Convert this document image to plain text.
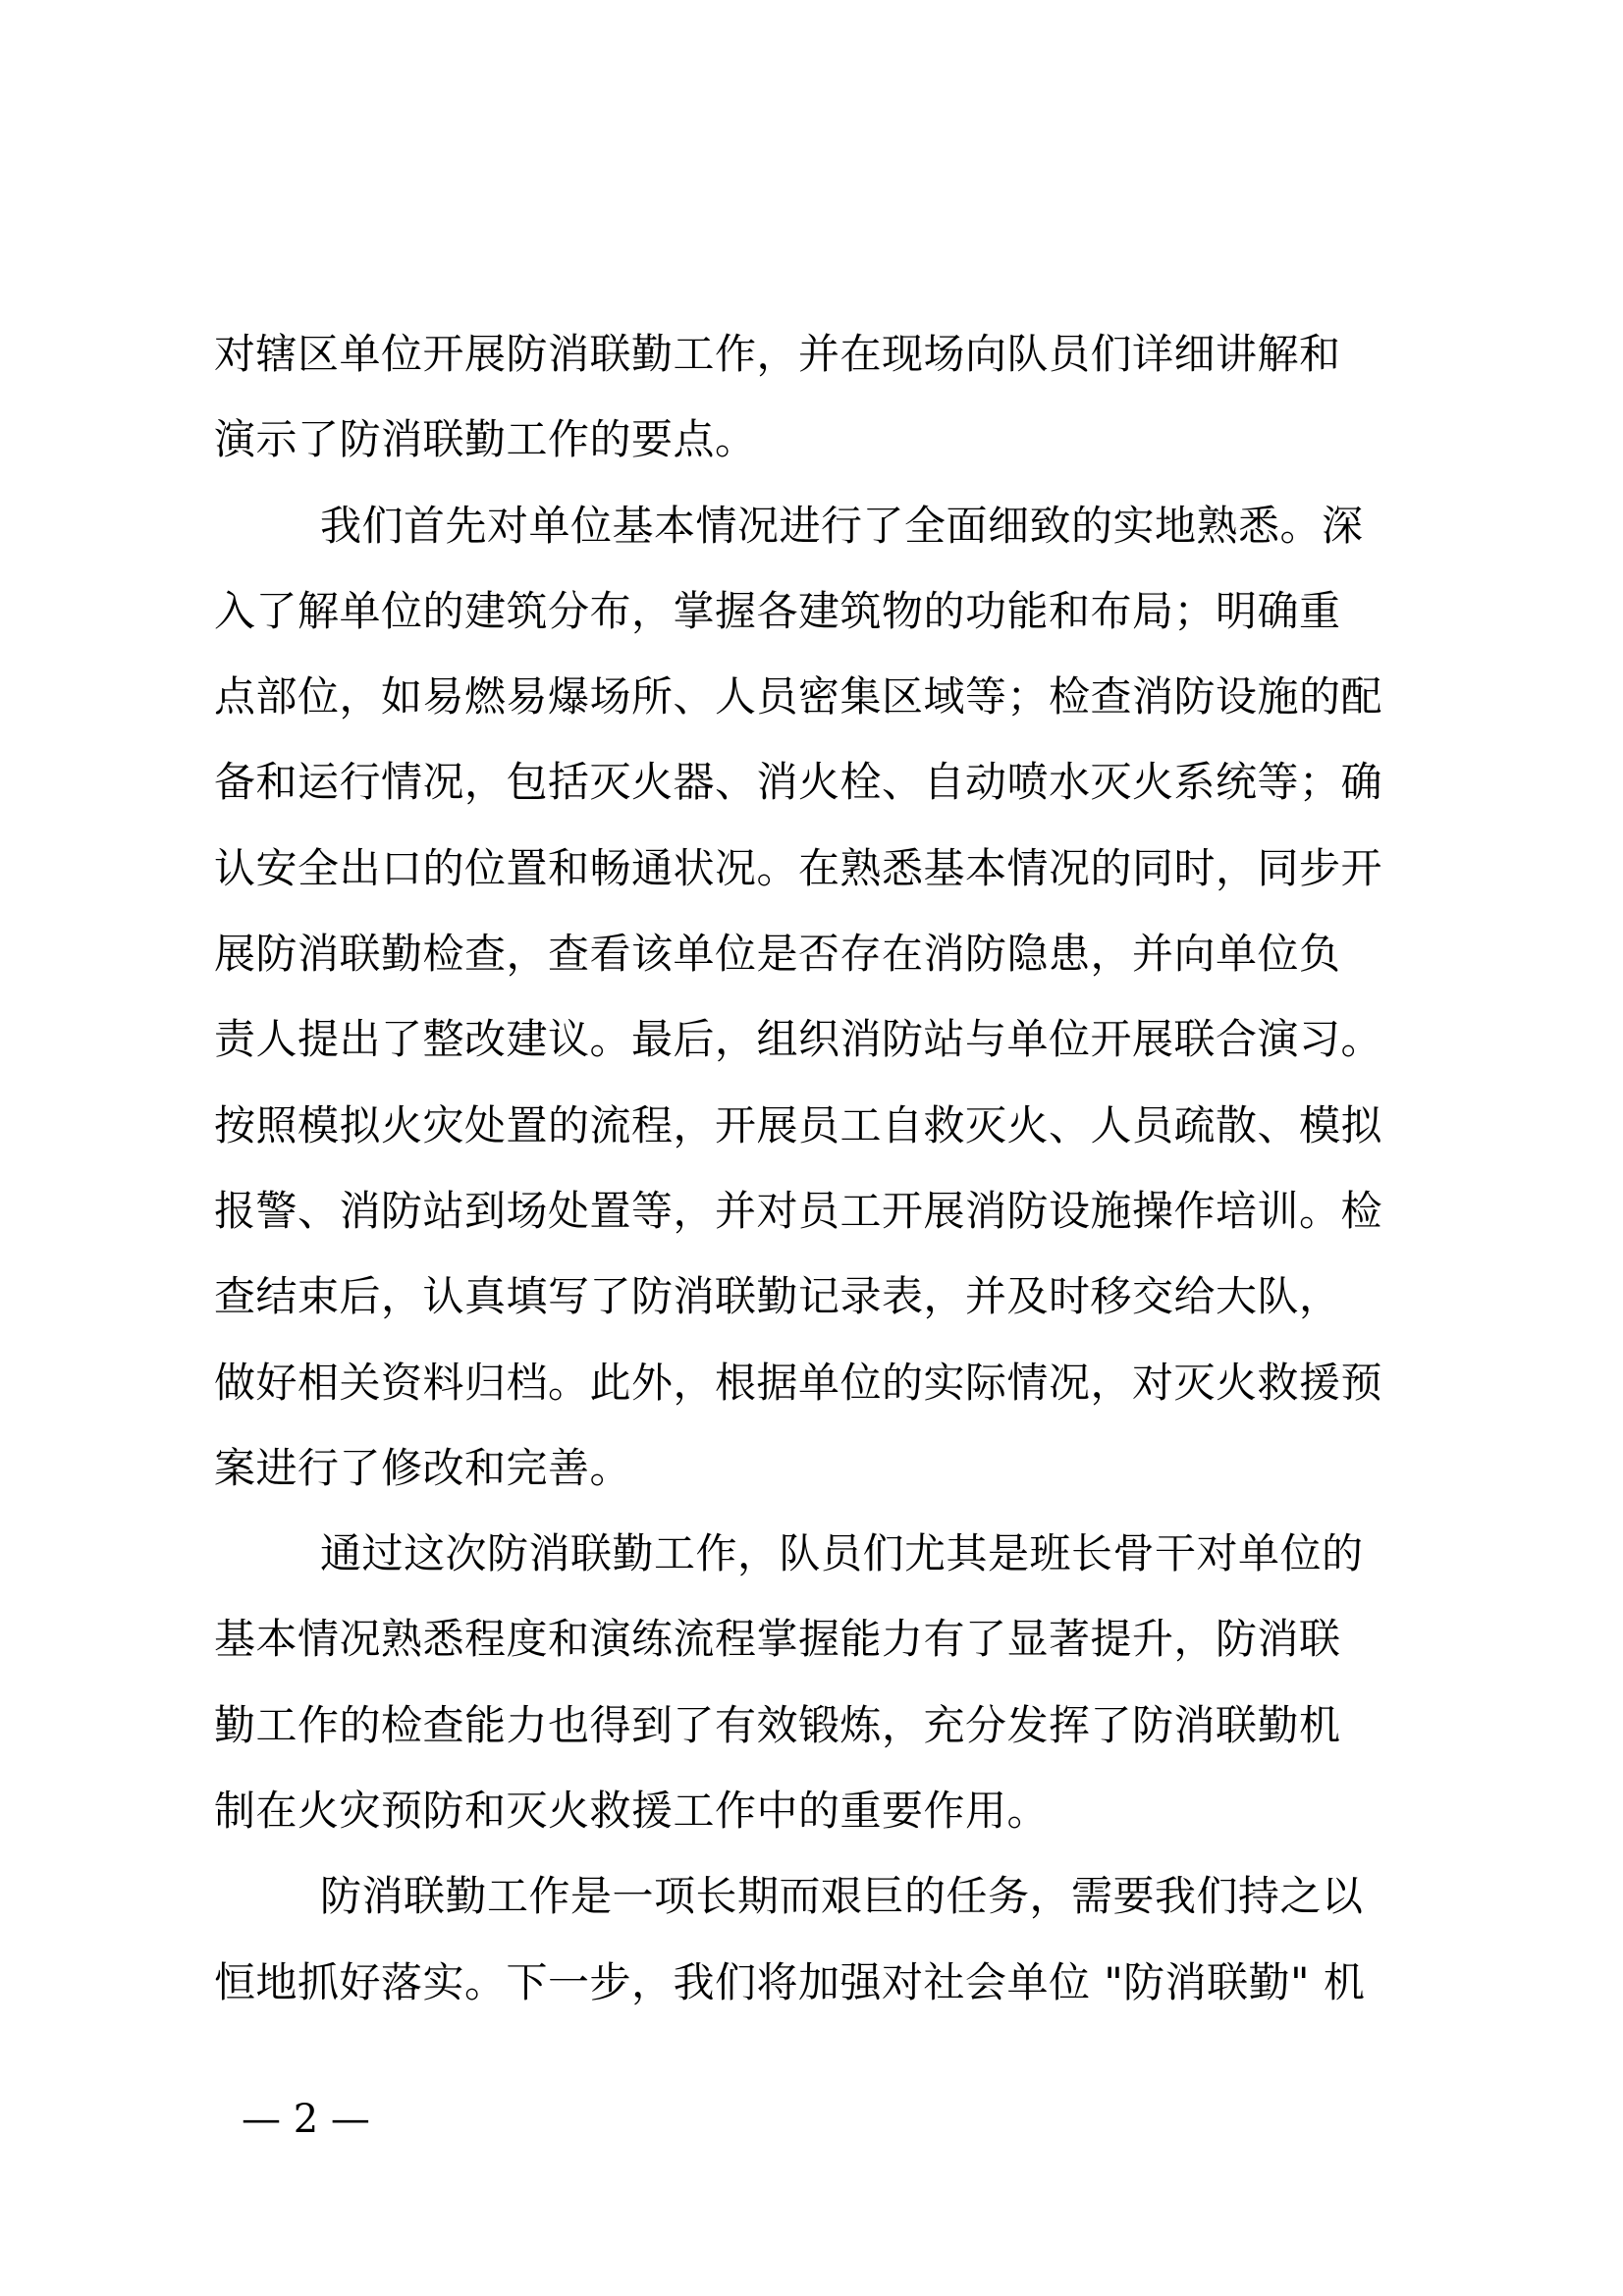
对辖区单位开展防消联勤工作，并在现场向队员们详细讲解和
演示了防消联勤工作的要点。
我们首先对单位基本情况进行了全面细致的实地熟悉。深
入了解单位的建筑分布，掌握各建筑物的功能和布局；明确重
点部位，如易燃易爆场所、人员密集区域等；检查消防设施的配
备和运行情况，包括灭火器、消火栓、自动喷水灭火系统等；确
认安全出口的位置和畅通状况。在熟悉基本情况的同时，同步开
展防消联勤检查，查看该单位是否存在消防隐患，并向单位负
责人提出了整改建议。最后，组织消防站与单位开展联合演习。
按照模拟火灾处置的流程，开展员工自救灭火、人员疏散、模拟
报警、消防站到场处置等，并对员工开展消防设施操作培训。检
查结束后，认真填写了防消联勤记录表，并及时移交给大队，
做好相关资料归档。此外，根据单位的实际情况，对灭火救援预
案进行了修改和完善。
通过这次防消联勤工作，队员们尤其是班长骨干对单位的
基本情况熟悉程度和演练流程掌握能力有了显著提升，防消联
勤工作的检查能力也得到了有效锻炼，充分发挥了防消联勤机
制在火灾预防和灭火救援工作中的重要作用。
防消联勤工作是一项长期而艰巨的任务，需要我们持之以
恒地抓好落实。下一步，我们将加强对社会单位 "防消联勤" 机
— 2 —
